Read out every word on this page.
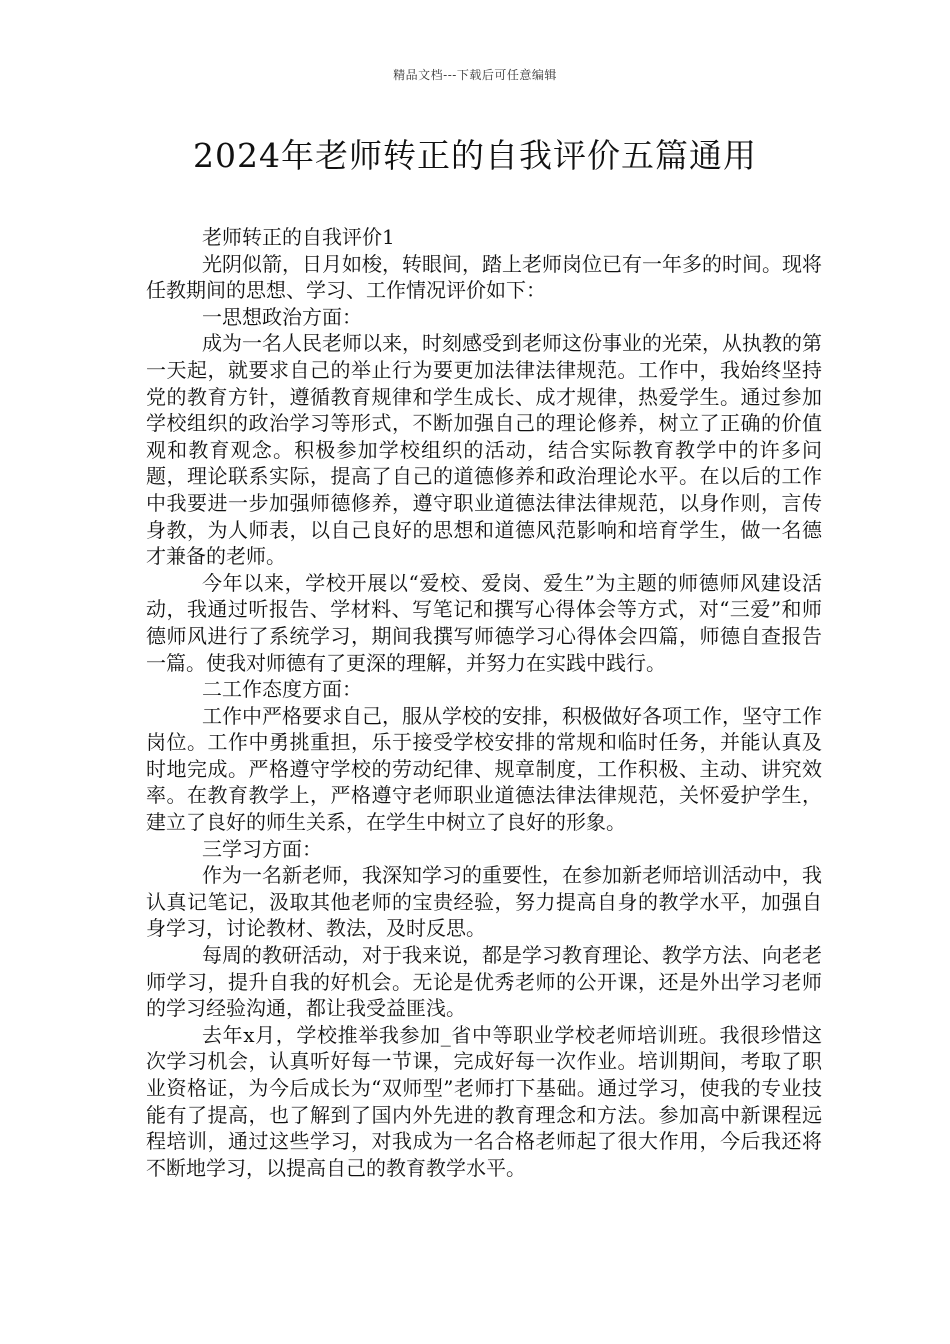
精品文档---下载后可任意编辑
2024年老师转正的自我评价五篇通用

老师转正的自我评价1

光阴似箭，日月如梭，转眼间，踏上老师岗位已有一年多的时间。现将任教期间的思想、学习、工作情况评价如下：

一思想政治方面：

成为一名人民老师以来，时刻感受到老师这份事业的光荣，从执教的第一天起，就要求自己的举止行为要更加法律法律规范。工作中，我始终坚持党的教育方针，遵循教育规律和学生成长、成才规律，热爱学生。通过参加学校组织的政治学习等形式，不断加强自己的理论修养，树立了正确的价值观和教育观念。积极参加学校组织的活动，结合实际教育教学中的许多问题，理论联系实际，提高了自己的道德修养和政治理论水平。在以后的工作中我要进一步加强师德修养，遵守职业道德法律法律规范，以身作则，言传身教，为人师表，以自己良好的思想和道德风范影响和培育学生，做一名德才兼备的老师。

今年以来，学校开展以“爱校、爱岗、爱生”为主题的师德师风建设活动，我通过听报告、学材料、写笔记和撰写心得体会等方式，对“三爱”和师德师风进行了系统学习，期间我撰写师德学习心得体会四篇，师德自查报告一篇。使我对师德有了更深的理解，并努力在实践中践行。

二工作态度方面：

工作中严格要求自己，服从学校的安排，积极做好各项工作，坚守工作岗位。工作中勇挑重担，乐于接受学校安排的常规和临时任务，并能认真及时地完成。严格遵守学校的劳动纪律、规章制度，工作积极、主动、讲究效率。在教育教学上，严格遵守老师职业道德法律法律规范，关怀爱护学生，建立了良好的师生关系，在学生中树立了良好的形象。

三学习方面：

作为一名新老师，我深知学习的重要性，在参加新老师培训活动中，我认真记笔记，汲取其他老师的宝贵经验，努力提高自身的教学水平，加强自身学习，讨论教材、教法，及时反思。

每周的教研活动，对于我来说，都是学习教育理论、教学方法、向老老师学习，提升自我的好机会。无论是优秀老师的公开课，还是外出学习老师的学习经验沟通，都让我受益匪浅。

去年x月，学校推举我参加_省中等职业学校老师培训班。我很珍惜这次学习机会，认真听好每一节课，完成好每一次作业。培训期间，考取了职业资格证，为今后成长为“双师型”老师打下基础。通过学习，使我的专业技能有了提高，也了解到了国内外先进的教育理念和方法。参加高中新课程远程培训，通过这些学习，对我成为一名合格老师起了很大作用，今后我还将不断地学习，以提高自己的教育教学水平。
